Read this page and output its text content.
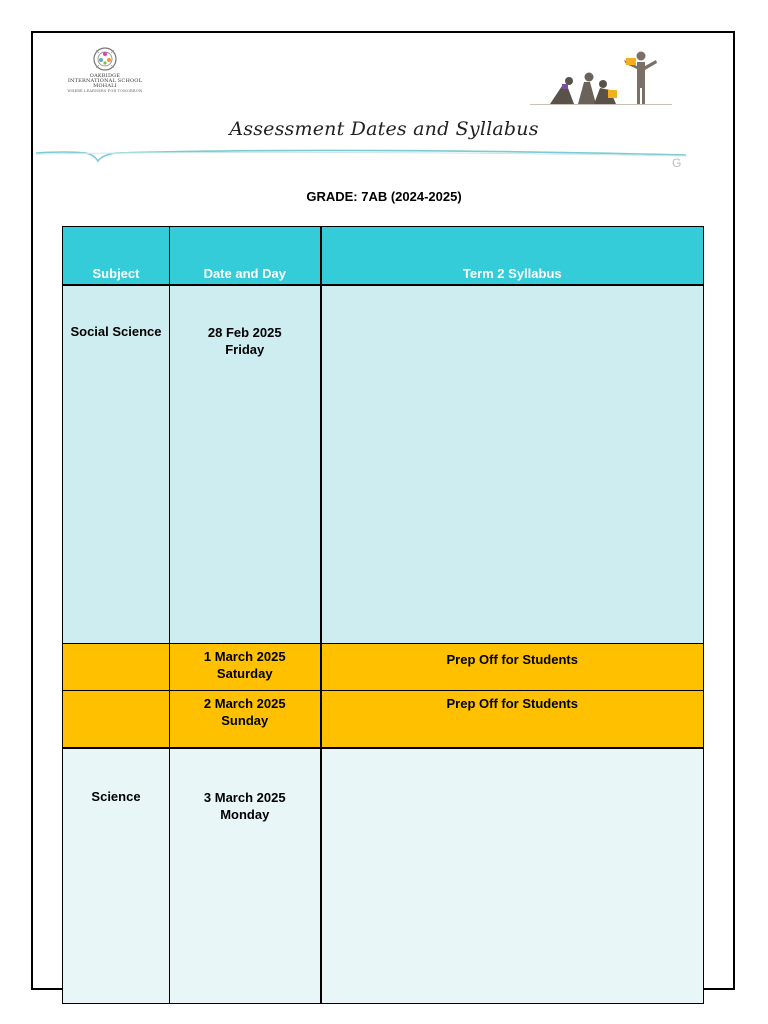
OAKRIDGE
INTERNATIONAL SCHOOL
MOHALI
WHERE LEARNERS FOR TOMORROW
Assessment Dates and Syllabus
G
GRADE: 7AB (2024-2025)
Subject	Date and Day	Term 2 Syllabus
Social Science	28 Feb 2025
Friday	

	1 March 2025
Saturday	Prep Off for Students

	2 March 2025
Sunday	Prep Off for Students

Science	3 March 2025
Monday	
